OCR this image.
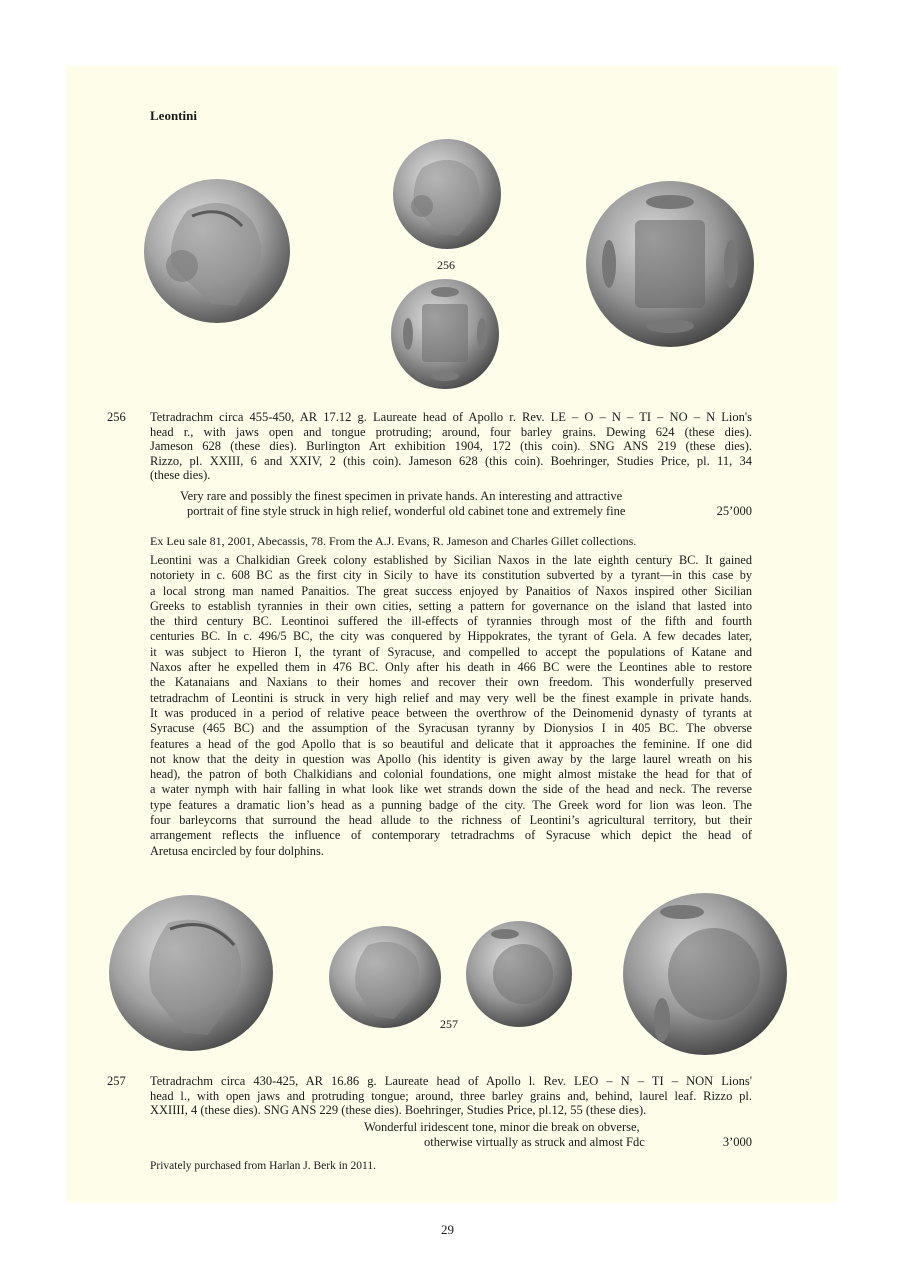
Leontini
256
256 Tetradrachm circa 455-450, AR 17.12 g. Laureate head of Apollo r. Rev. LE – O – N – TI – NO – N Lion's
head r., with jaws open and tongue protruding; around, four barley grains. Dewing 624 (these dies).
Jameson 628 (these dies). Burlington Art exhibition 1904, 172 (this coin). SNG ANS 219 (these dies).
Rizzo, pl. XXIII, 6 and XXIV, 2 (this coin). Jameson 628 (this coin). Boehringer, Studies Price, pl. 11, 34
(these dies).
Very rare and possibly the finest specimen in private hands. An interesting and attractive
portrait of fine style struck in high relief, wonderful old cabinet tone and extremely fine	25’000
Ex Leu sale 81, 2001, Abecassis, 78. From the A.J. Evans, R. Jameson and Charles Gillet collections.
Leontini was a Chalkidian Greek colony established by Sicilian Naxos in the late eighth century BC. It gained
notoriety in c. 608 BC as the first city in Sicily to have its constitution subverted by a tyrant—in this case by
a local strong man named Panaitios. The great success enjoyed by Panaitios of Naxos inspired other Sicilian
Greeks to establish tyrannies in their own cities, setting a pattern for governance on the island that lasted into
the third century BC. Leontinoi suffered the ill-effects of tyrannies through most of the fifth and fourth
centuries BC. In c. 496/5 BC, the city was conquered by Hippokrates, the tyrant of Gela. A few decades later,
it was subject to Hieron I, the tyrant of Syracuse, and compelled to accept the populations of Katane and
Naxos after he expelled them in 476 BC. Only after his death in 466 BC were the Leontines able to restore
the Katanaians and Naxians to their homes and recover their own freedom. This wonderfully preserved
tetradrachm of Leontini is struck in very high relief and may very well be the finest example in private hands.
It was produced in a period of relative peace between the overthrow of the Deinomenid dynasty of tyrants at
Syracuse (465 BC) and the assumption of the Syracusan tyranny by Dionysios I in 405 BC. The obverse
features a head of the god Apollo that is so beautiful and delicate that it approaches the feminine. If one did
not know that the deity in question was Apollo (his identity is given away by the large laurel wreath on his
head), the patron of both Chalkidians and colonial foundations, one might almost mistake the head for that of
a water nymph with hair falling in what look like wet strands down the side of the head and neck. The reverse
type features a dramatic lion’s head as a punning badge of the city. The Greek word for lion was leon. The
four barleycorns that surround the head allude to the richness of Leontini’s agricultural territory, but their
arrangement reflects the influence of contemporary tetradrachms of Syracuse which depict the head of
Aretusa encircled by four dolphins.
257
257 Tetradrachm circa 430-425, AR 16.86 g. Laureate head of Apollo l. Rev. LEO – N – TI – NON Lions'
head l., with open jaws and protruding tongue; around, three barley grains and, behind, laurel leaf. Rizzo pl.
XXIIII, 4 (these dies). SNG ANS 229 (these dies). Boehringer, Studies Price, pl.12, 55 (these dies).
Wonderful iridescent tone, minor die break on obverse,
otherwise virtually as struck and almost Fdc	3’000
Privately purchased from Harlan J. Berk in 2011.
29
